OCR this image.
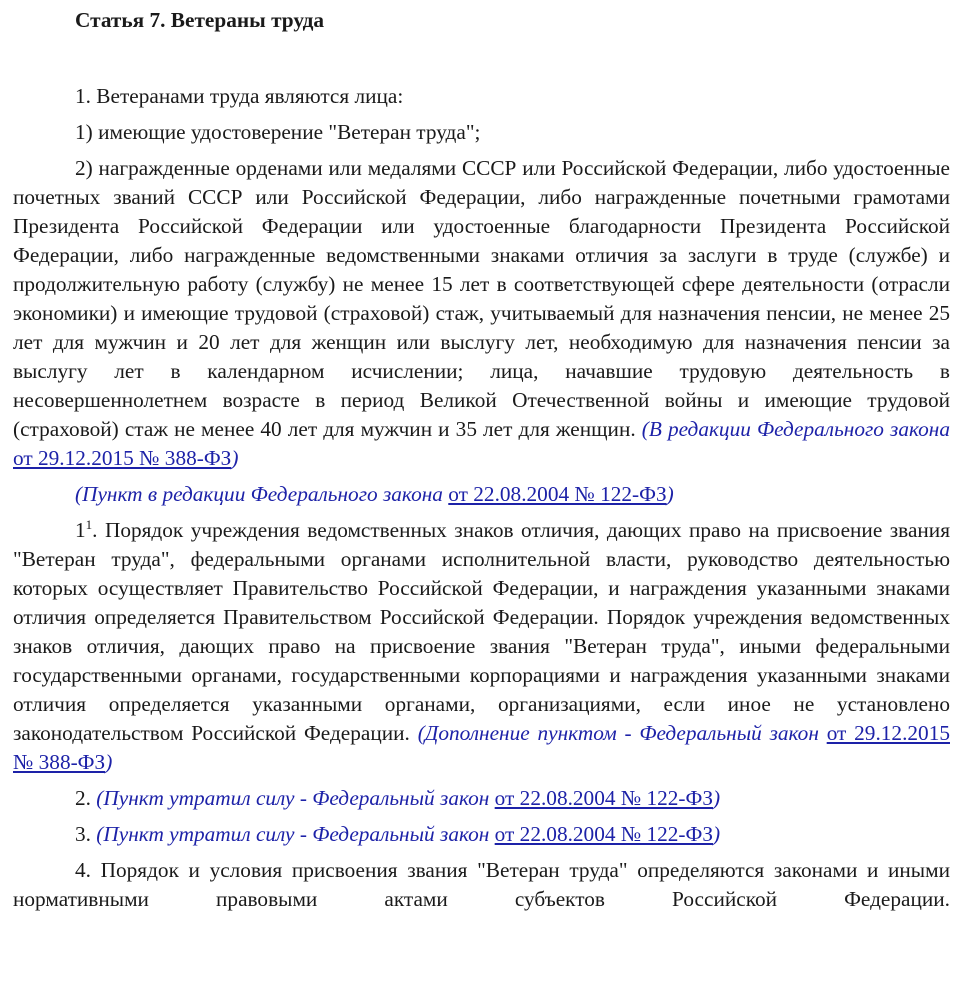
Статья 7. Ветераны труда

1. Ветеранами труда являются лица:

1) имеющие удостоверение "Ветеран труда";

2) награжденные орденами или медалями СССР или Российской Федерации, либо удостоенные почетных званий СССР или Российской Федерации, либо награжденные почетными грамотами Президента Российской Федерации или удостоенные благодарности Президента Российской Федерации, либо награжденные ведомственными знаками отличия за заслуги в труде (службе) и продолжительную работу (службу) не менее 15 лет в соответствующей сфере деятельности (отрасли экономики) и имеющие трудовой (страховой) стаж, учитываемый для назначения пенсии, не менее 25 лет для мужчин и 20 лет для женщин или выслугу лет, необходимую для назначения пенсии за выслугу лет в календарном исчислении; лица, начавшие трудовую деятельность в несовершеннолетнем возрасте в период Великой Отечественной войны и имеющие трудовой (страховой) стаж не менее 40 лет для мужчин и 35 лет для женщин. (В редакции Федерального закона от 29.12.2015 № 388-ФЗ)

(Пункт в редакции Федерального закона от 22.08.2004 № 122-ФЗ)

$1^1$. Порядок учреждения ведомственных знаков отличия, дающих право на присвоение звания "Ветеран труда", федеральными органами исполнительной власти, руководство деятельностью которых осуществляет Правительство Российской Федерации, и награждения указанными знаками отличия определяется Правительством Российской Федерации. Порядок учреждения ведомственных знаков отличия, дающих право на присвоение звания "Ветеран труда", иными федеральными государственными органами, государственными корпорациями и награждения указанными знаками отличия определяется указанными органами, организациями, если иное не установлено законодательством Российской Федерации. (Дополнение пунктом - Федеральный закон от 29.12.2015 № 388-ФЗ)

2. (Пункт утратил силу - Федеральный закон от 22.08.2004 № 122-ФЗ)

3. (Пункт утратил силу - Федеральный закон от 22.08.2004 № 122-ФЗ)

4. Порядок и условия присвоения звания "Ветеран труда" определяются законами и иными нормативными правовыми актами субъектов Российской Федерации.
